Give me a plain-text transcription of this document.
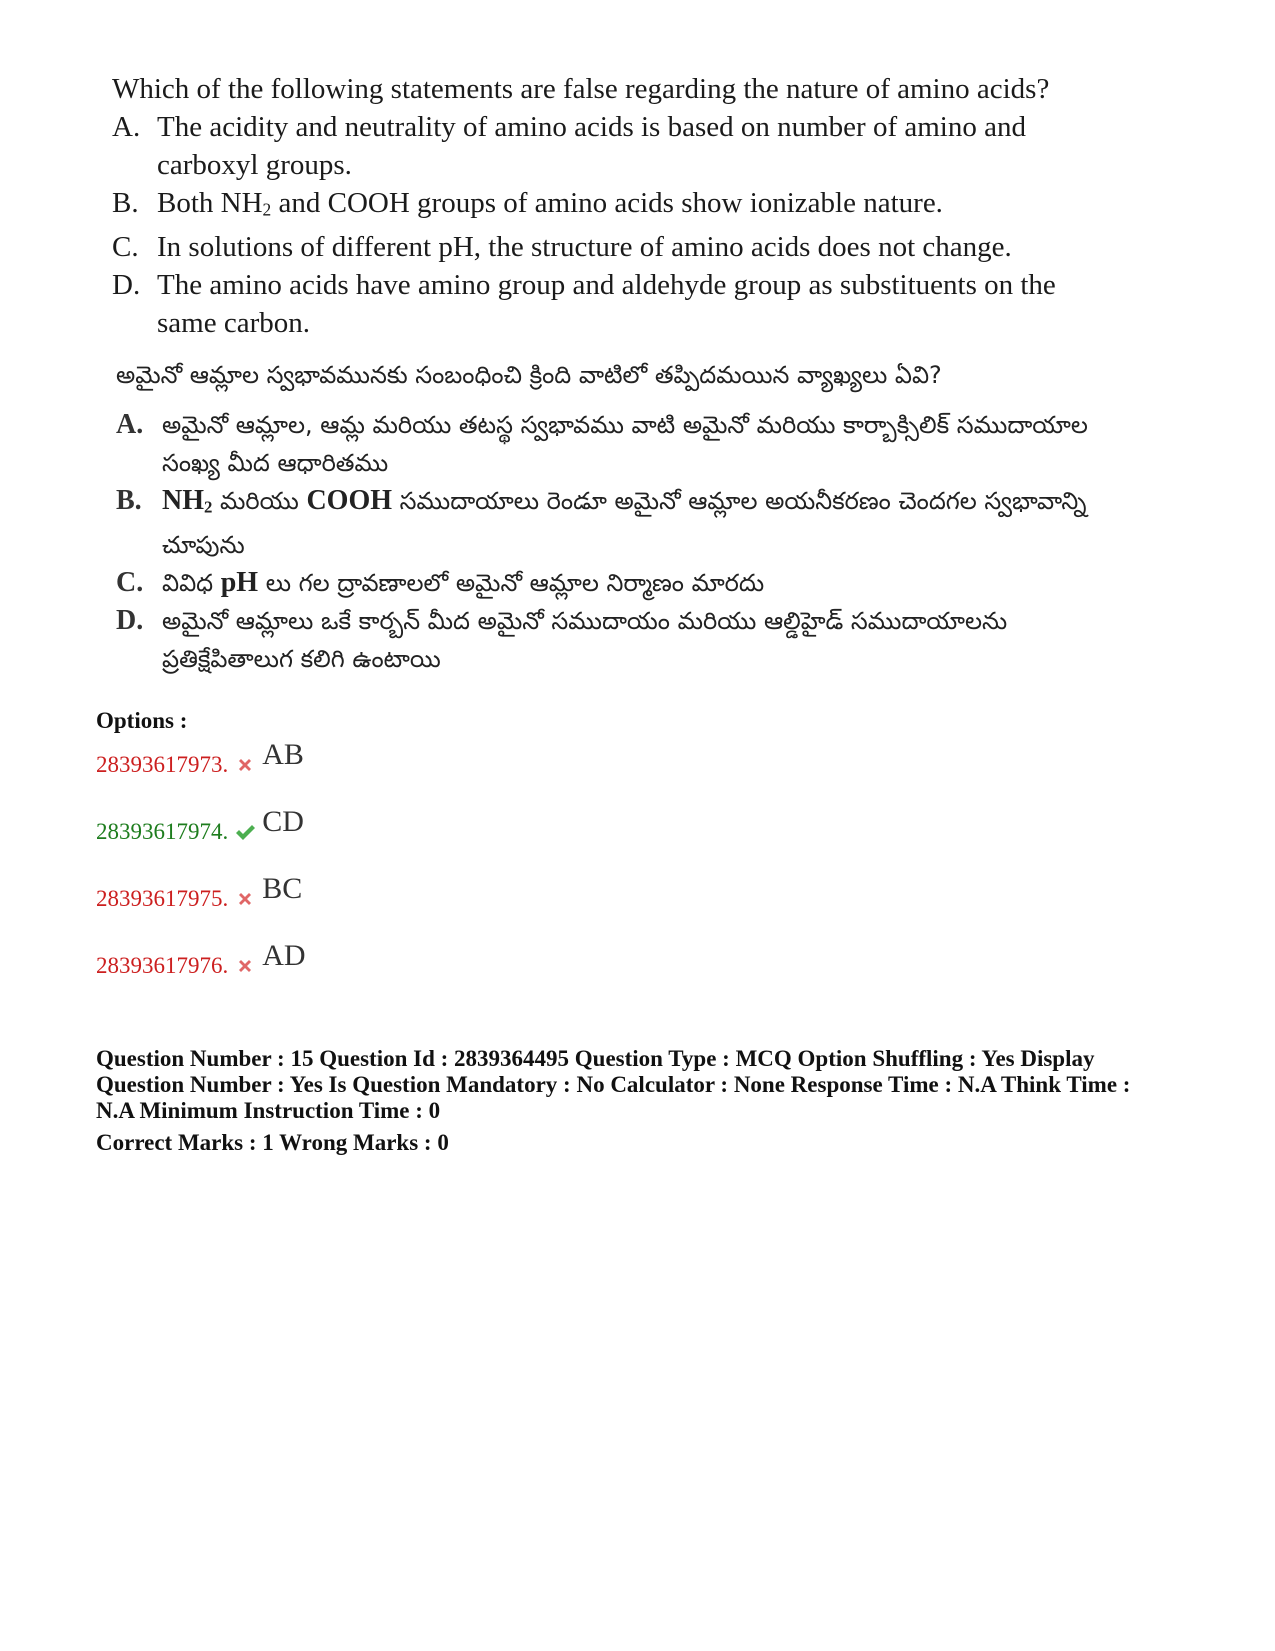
Which of the following statements are false regarding the nature of amino acids?
A. The acidity and neutrality of amino acids is based on number of amino and carboxyl groups.
B. Both $NH_2$ and COOH groups of amino acids show ionizable nature.
C. In solutions of different pH, the structure of amino acids does not change.
D. The amino acids have amino group and aldehyde group as substituents on the same carbon.
అమైనో ఆమ్లాల స్వభావమునకు సంబంధించి క్రింది వాటిలో తప్పిదమయిన వ్యాఖ్యలు ఏవి?
A. అమైనో ఆమ్లాల, ఆమ్ల మరియు తటస్థ స్వభావము వాటి అమైనో మరియు కార్బాక్సిలిక్ సముదాయాల సంఖ్య మీద ఆధారితము
B. $NH_2$ మరియు COOH సముదాయాలు రెండూ అమైనో ఆమ్లాల అయనీకరణం చెందగల స్వభావాన్ని చూపును
C. వివిధ pH లు గల ద్రావణాలలో అమైనో ఆమ్లాల నిర్మాణం మారదు
D. అమైనో ఆమ్లాలు ఒకే కార్బన్ మీద అమైనో సముదాయం మరియు ఆల్డిహైడ్ సముదాయాలను ప్రతిక్షేపితాలుగ కలిగి ఉంటాయి
Options :
28393617973. AB
28393617974. CD
28393617975. BC
28393617976. AD
Question Number : 15 Question Id : 2839364495 Question Type : MCQ Option Shuffling : Yes Display
Question Number : Yes Is Question Mandatory : No Calculator : None Response Time : N.A Think Time :
N.A Minimum Instruction Time : 0
Correct Marks : 1 Wrong Marks : 0
